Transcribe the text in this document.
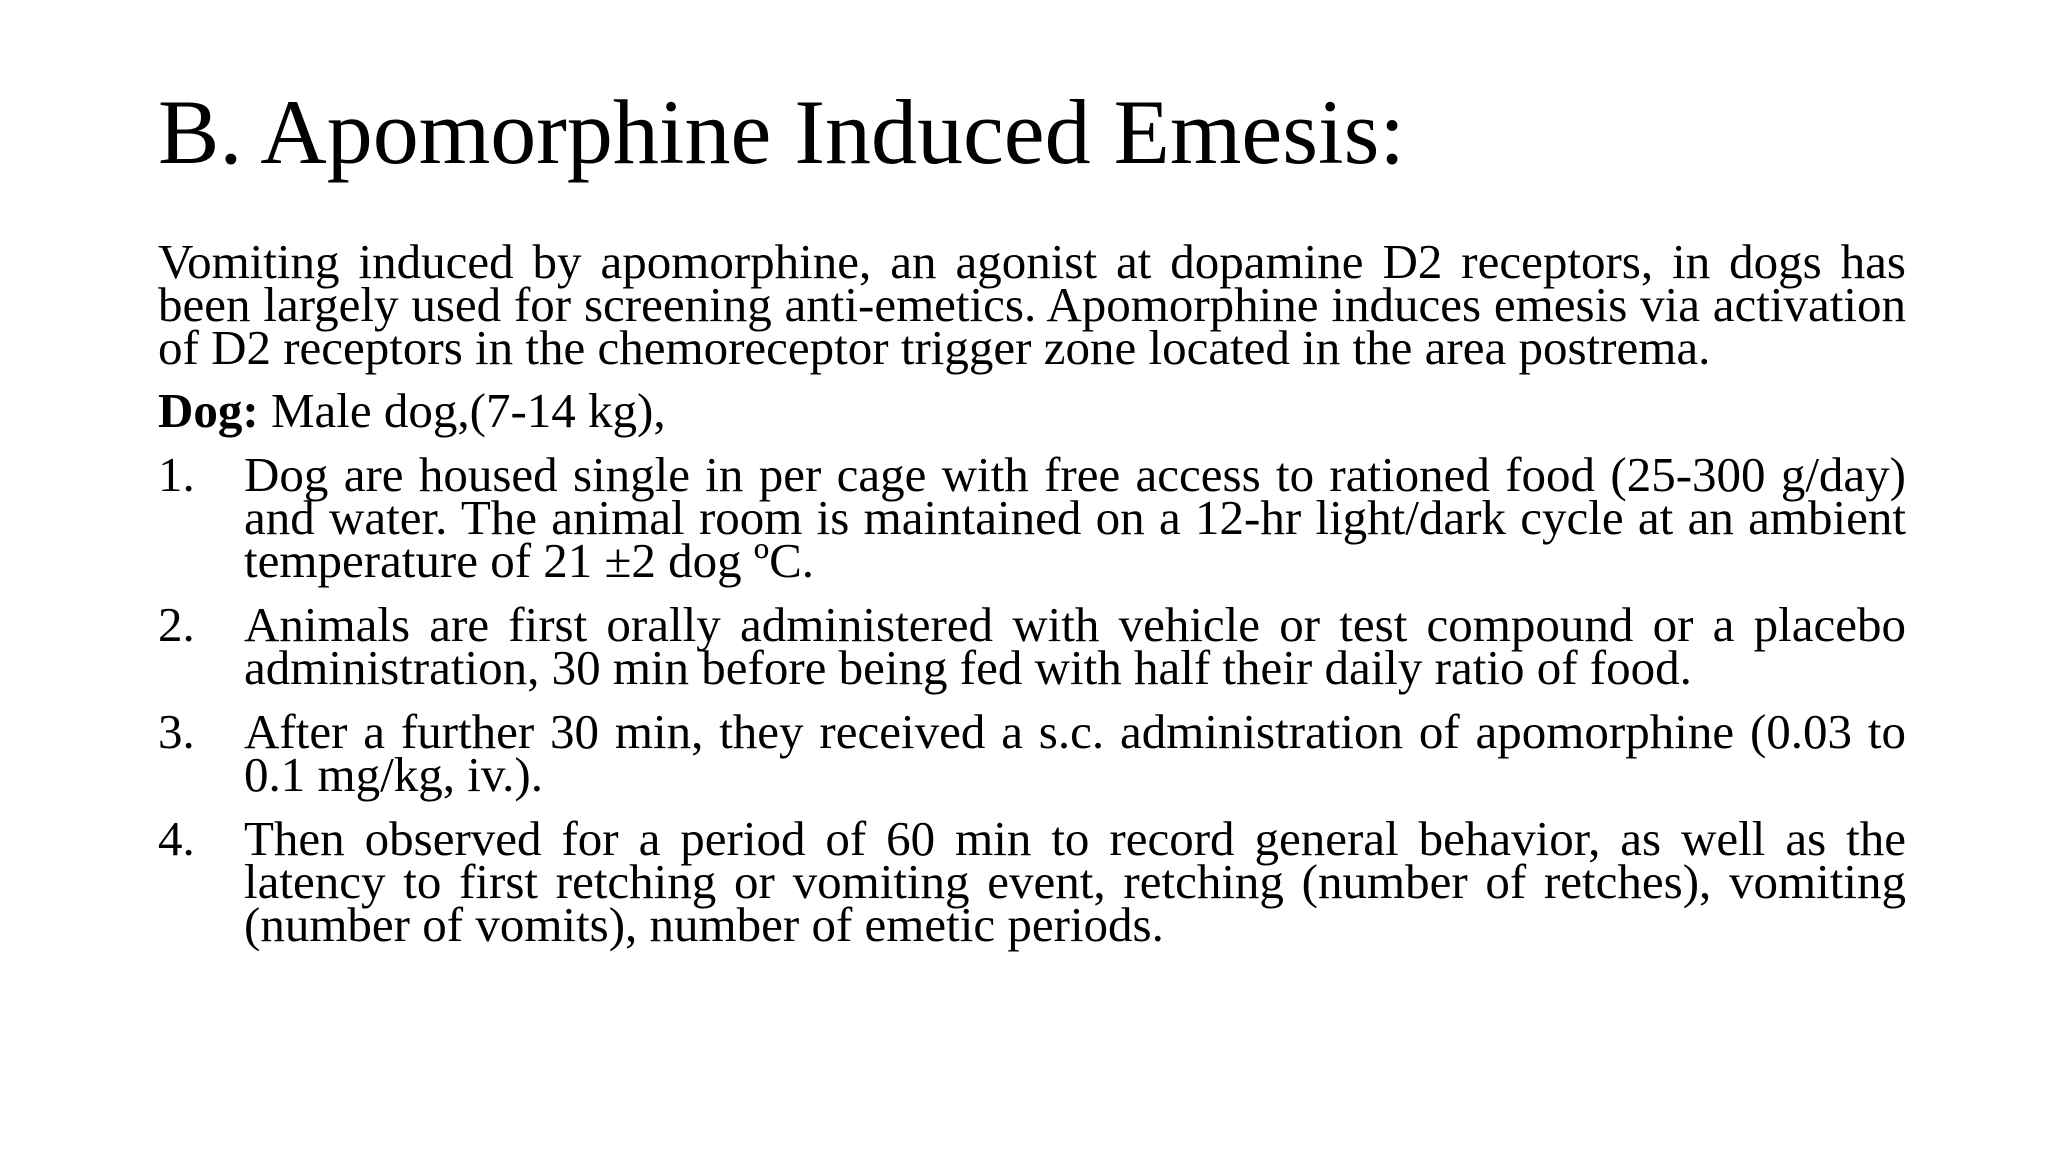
B. Apomorphine Induced Emesis:

Vomiting induced by apomorphine, an agonist at dopamine D2 receptors, in dogs has been largely used for screening anti-emetics. Apomorphine induces emesis via activation of D2 receptors in the chemoreceptor trigger zone located in the area postrema.

Dog: Male dog,(7-14 kg),

1. Dog are housed single in per cage with free access to rationed food (25-300 g/day) and water. The animal room is maintained on a 12-hr light/dark cycle at an ambient temperature of 21 ±2 dog ºC.
2. Animals are first orally administered with vehicle or test compound or a placebo administration, 30 min before being fed with half their daily ratio of food.
3. After a further 30 min, they received a s.c. administration of apomorphine (0.03 to 0.1 mg/kg, iv.).
4. Then observed for a period of 60 min to record general behavior, as well as the latency to first retching or vomiting event, retching (number of retches), vomiting (number of vomits), number of emetic periods.
